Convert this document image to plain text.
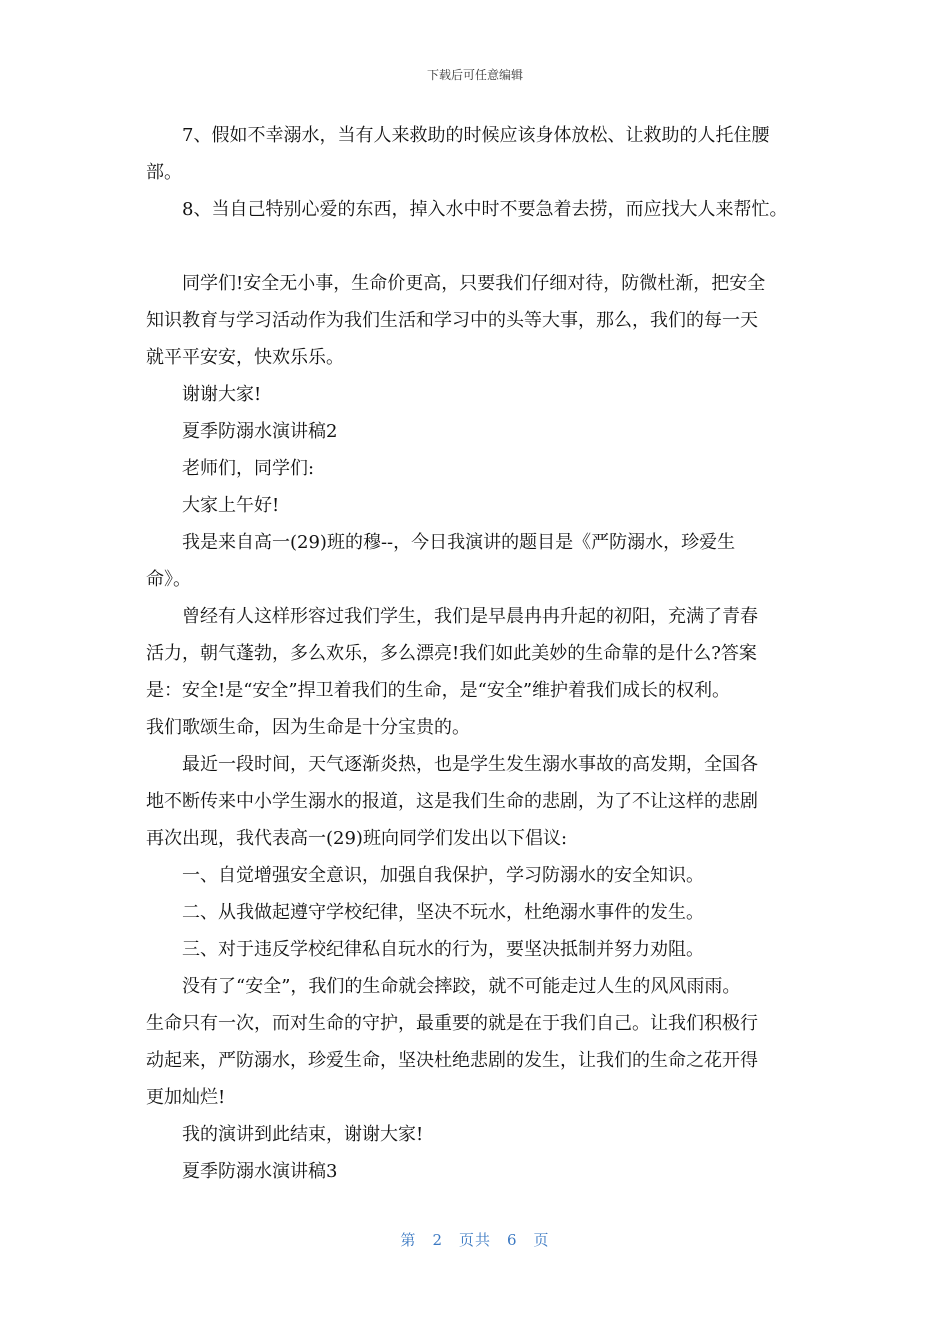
下载后可任意编辑

7、假如不幸溺水，当有人来救助的时候应该身体放松、让救助的人托住腰

部。

8、当自己特别心爱的东西，掉入水中时不要急着去捞，而应找大人来帮忙。

同学们!安全无小事，生命价更高，只要我们仔细对待，防微杜渐，把安全

知识教育与学习活动作为我们生活和学习中的头等大事，那么，我们的每一天

就平平安安，快欢乐乐。

谢谢大家!

夏季防溺水演讲稿2

老师们，同学们:

大家上午好!

我是来自高一(29)班的穆--，今日我演讲的题目是《严防溺水，珍爱生

命》。

曾经有人这样形容过我们学生，我们是早晨冉冉升起的初阳，充满了青春

活力，朝气蓬勃，多么欢乐，多么漂亮!我们如此美妙的生命靠的是什么?答案

是：安全!是“安全”捍卫着我们的生命，是“安全”维护着我们成长的权利。

我们歌颂生命，因为生命是十分宝贵的。

最近一段时间，天气逐渐炎热，也是学生发生溺水事故的高发期，全国各

地不断传来中小学生溺水的报道，这是我们生命的悲剧，为了不让这样的悲剧

再次出现，我代表高一(29)班向同学们发出以下倡议:

一、自觉增强安全意识，加强自我保护，学习防溺水的安全知识。

二、从我做起遵守学校纪律，坚决不玩水，杜绝溺水事件的发生。

三、对于违反学校纪律私自玩水的行为，要坚决抵制并努力劝阻。

没有了“安全”，我们的生命就会摔跤，就不可能走过人生的风风雨雨。

生命只有一次，而对生命的守护，最重要的就是在于我们自己。让我们积极行

动起来，严防溺水，珍爱生命，坚决杜绝悲剧的发生，让我们的生命之花开得

更加灿烂!

我的演讲到此结束，谢谢大家!

夏季防溺水演讲稿3

第 2 页共 6 页
